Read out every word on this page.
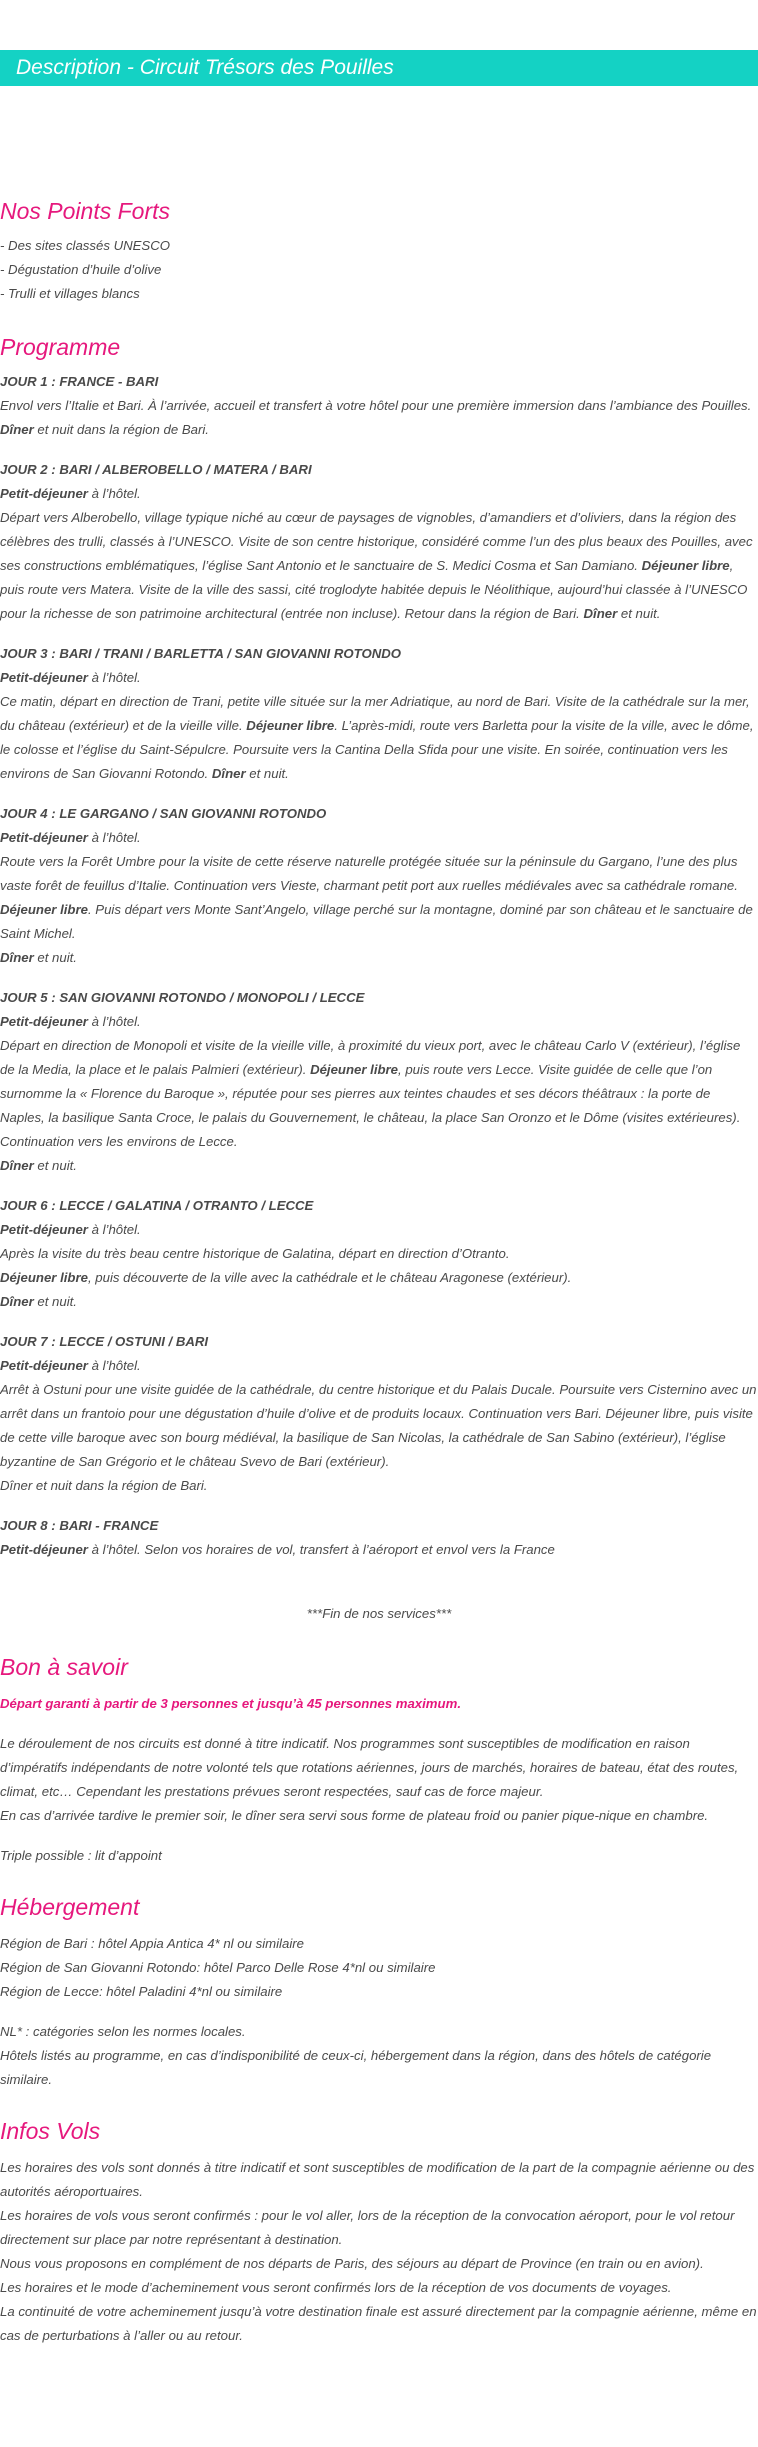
Description - Circuit Trésors des Pouilles
Nos Points Forts

- Des sites classés UNESCO

- Dégustation d’huile d’olive

- Trulli et villages blancs

Programme

JOUR 1 : FRANCE - BARI

Envol vers l’Italie et Bari. À l’arrivée, accueil et transfert à votre hôtel pour une première immersion dans l’ambiance des Pouilles.

Dîner et nuit dans la région de Bari.

JOUR 2 : BARI / ALBEROBELLO / MATERA / BARI

Petit-déjeuner à l’hôtel.

Départ vers Alberobello, village typique niché au cœur de paysages de vignobles, d’amandiers et d’oliviers, dans la région des célèbres des trulli, classés à l’UNESCO. Visite de son centre historique, considéré comme l’un des plus beaux des Pouilles, avec ses constructions emblématiques, l’église Sant Antonio et le sanctuaire de S. Medici Cosma et San Damiano. Déjeuner libre, puis route vers Matera. Visite de la ville des sassi, cité troglodyte habitée depuis le Néolithique, aujourd’hui classée à l’UNESCO pour la richesse de son patrimoine architectural (entrée non incluse). Retour dans la région de Bari. Dîner et nuit.

JOUR 3 : BARI / TRANI / BARLETTA / SAN GIOVANNI ROTONDO

Petit-déjeuner à l’hôtel.

Ce matin, départ en direction de Trani, petite ville située sur la mer Adriatique, au nord de Bari. Visite de la cathédrale sur la mer, du château (extérieur) et de la vieille ville. Déjeuner libre. L’après-midi, route vers Barletta pour la visite de la ville, avec le dôme, le colosse et l’église du Saint-Sépulcre. Poursuite vers la Cantina Della Sfida pour une visite. En soirée, continuation vers les environs de San Giovanni Rotondo. Dîner et nuit.

JOUR 4 : LE GARGANO / SAN GIOVANNI ROTONDO

Petit-déjeuner à l’hôtel.

Route vers la Forêt Umbre pour la visite de cette réserve naturelle protégée située sur la péninsule du Gargano, l’une des plus vaste forêt de feuillus d’Italie. Continuation vers Vieste, charmant petit port aux ruelles médiévales avec sa cathédrale romane. Déjeuner libre. Puis départ vers Monte Sant’Angelo, village perché sur la montagne, dominé par son château et le sanctuaire de Saint Michel.

Dîner et nuit.

JOUR 5 : SAN GIOVANNI ROTONDO / MONOPOLI / LECCE

Petit-déjeuner à l’hôtel.

Départ en direction de Monopoli et visite de la vieille ville, à proximité du vieux port, avec le château Carlo V (extérieur), l’église de la Media, la place et le palais Palmieri (extérieur). Déjeuner libre, puis route vers Lecce. Visite guidée de celle que l’on surnomme la « Florence du Baroque », réputée pour ses pierres aux teintes chaudes et ses décors théâtraux : la porte de Naples, la basilique Santa Croce, le palais du Gouvernement, le château, la place San Oronzo et le Dôme (visites extérieures). Continuation vers les environs de Lecce.

Dîner et nuit.

JOUR 6 : LECCE / GALATINA / OTRANTO / LECCE

Petit-déjeuner à l’hôtel.

Après la visite du très beau centre historique de Galatina, départ en direction d’Otranto.

Déjeuner libre, puis découverte de la ville avec la cathédrale et le château Aragonese (extérieur).

Dîner et nuit.

JOUR 7 : LECCE / OSTUNI / BARI

Petit-déjeuner à l’hôtel.

Arrêt à Ostuni pour une visite guidée de la cathédrale, du centre historique et du Palais Ducale. Poursuite vers Cisternino avec un arrêt dans un frantoio pour une dégustation d’huile d’olive et de produits locaux. Continuation vers Bari. Déjeuner libre, puis visite de cette ville baroque avec son bourg médiéval, la basilique de San Nicolas, la cathédrale de San Sabino (extérieur), l’église byzantine de San Grégorio et le château Svevo de Bari (extérieur).

Dîner et nuit dans la région de Bari.

JOUR 8 : BARI - FRANCE

Petit-déjeuner à l’hôtel. Selon vos horaires de vol, transfert à l’aéroport et envol vers la France

***Fin de nos services***

Bon à savoir

Départ garanti à partir de 3 personnes et jusqu’à 45 personnes maximum.

Le déroulement de nos circuits est donné à titre indicatif. Nos programmes sont susceptibles de modification en raison d’impératifs indépendants de notre volonté tels que rotations aériennes, jours de marchés, horaires de bateau, état des routes, climat, etc… Cependant les prestations prévues seront respectées, sauf cas de force majeur.

En cas d’arrivée tardive le premier soir, le dîner sera servi sous forme de plateau froid ou panier pique-nique en chambre.

Triple possible : lit d’appoint

Hébergement

Région de Bari : hôtel Appia Antica 4* nl ou similaire

Région de San Giovanni Rotondo: hôtel Parco Delle Rose 4*nl ou similaire

Région de Lecce: hôtel Paladini 4*nl ou similaire

NL* : catégories selon les normes locales.

Hôtels listés au programme, en cas d’indisponibilité de ceux-ci, hébergement dans la région, dans des hôtels de catégorie similaire.

Infos Vols

Les horaires des vols sont donnés à titre indicatif et sont susceptibles de modification de la part de la compagnie aérienne ou des autorités aéroportuaires.

Les horaires de vols vous seront confirmés : pour le vol aller, lors de la réception de la convocation aéroport, pour le vol retour directement sur place par notre représentant à destination.

Nous vous proposons en complément de nos départs de Paris, des séjours au départ de Province (en train ou en avion).

Les horaires et le mode d’acheminement vous seront confirmés lors de la réception de vos documents de voyages.

La continuité de votre acheminement jusqu’à votre destination finale est assuré directement par la compagnie aérienne, même en cas de perturbations à l’aller ou au retour.
